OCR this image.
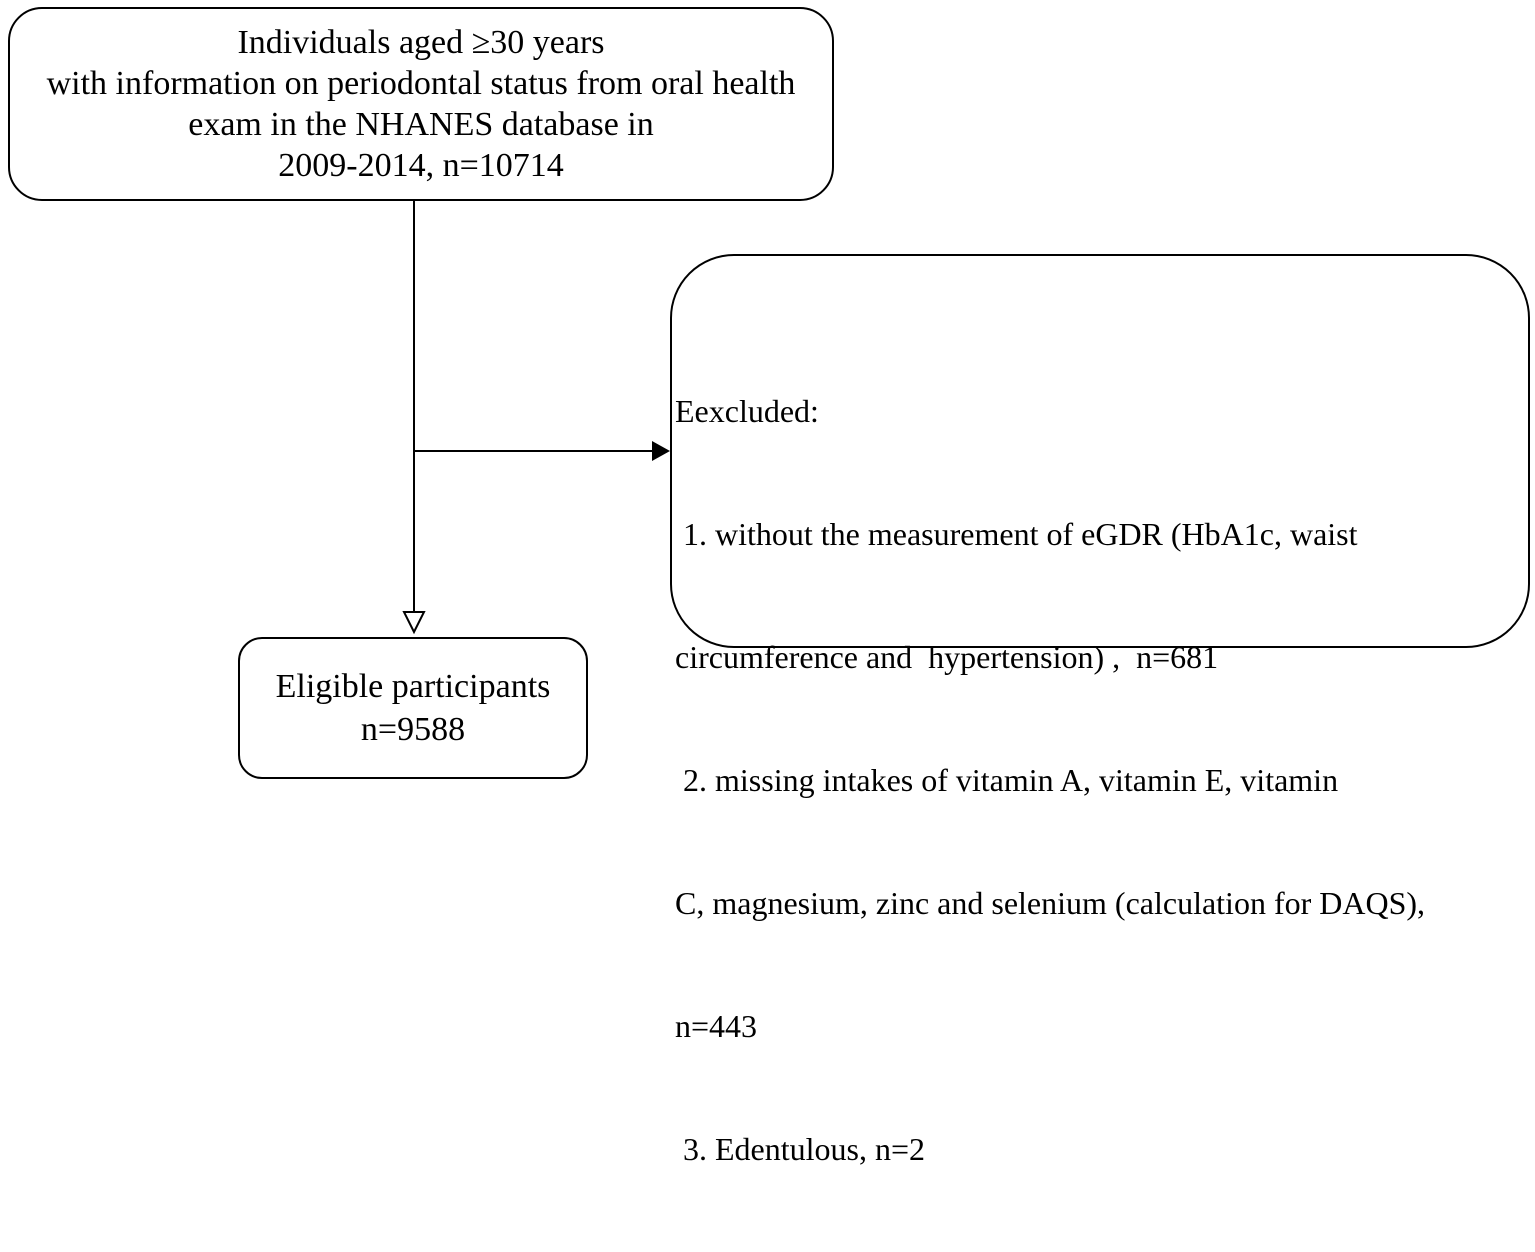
Individuals aged ≥30 years
with information on periodontal status from oral health
exam in the NHANES database in
2009-2014, n=10714

Eexcluded:

1. without the measurement of eGDR (HbA1c, waist

circumference and  hypertension) ,  n=681

2. missing intakes of vitamin A, vitamin E, vitamin

C, magnesium, zinc and selenium (calculation for DAQS),

n=443

3. Edentulous, n=2

Eligible participants
n=9588
